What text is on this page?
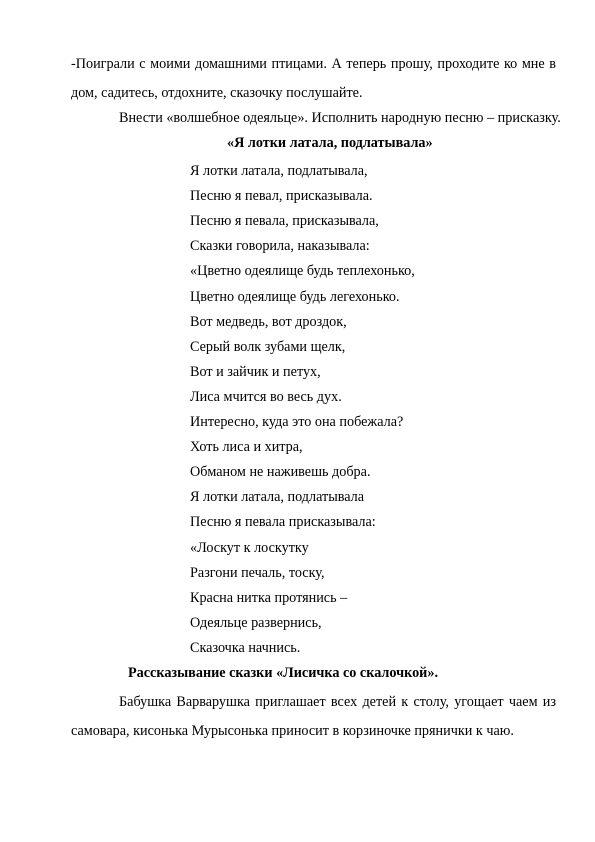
-Поиграли с моими домашними птицами. А теперь прошу, проходите ко мне в
дом, садитесь, отдохните, сказочку послушайте.
Внести «волшебное одеяльце». Исполнить народную песню – присказку.
«Я лотки латала, подлатывала»
Я лотки латала, подлатывала,
Песню я певал, присказывала.
Песню я певала, присказывала,
Сказки говорила, наказывала:
«Цветно одеялище будь теплехонько,
Цветно одеялище будь легехонько.
Вот медведь, вот дроздок,
Серый волк зубами щелк,
Вот и зайчик и петух,
Лиса мчится во весь дух.
Интересно, куда это она побежала?
Хоть лиса и хитра,
Обманом не наживешь добра.
Я лотки латала, подлатывала
Песню я певала присказывала:
«Лоскут к лоскутку
Разгони печаль, тоску,
Красна нитка протянись –
Одеяльце развернись,
Сказочка начнись.
Рассказывание сказки «Лисичка со скалочкой».
Бабушка Варварушка приглашает всех детей к столу, угощает чаем из
самовара, кисонька Мурысонька приносит в корзиночке прянички к чаю.
